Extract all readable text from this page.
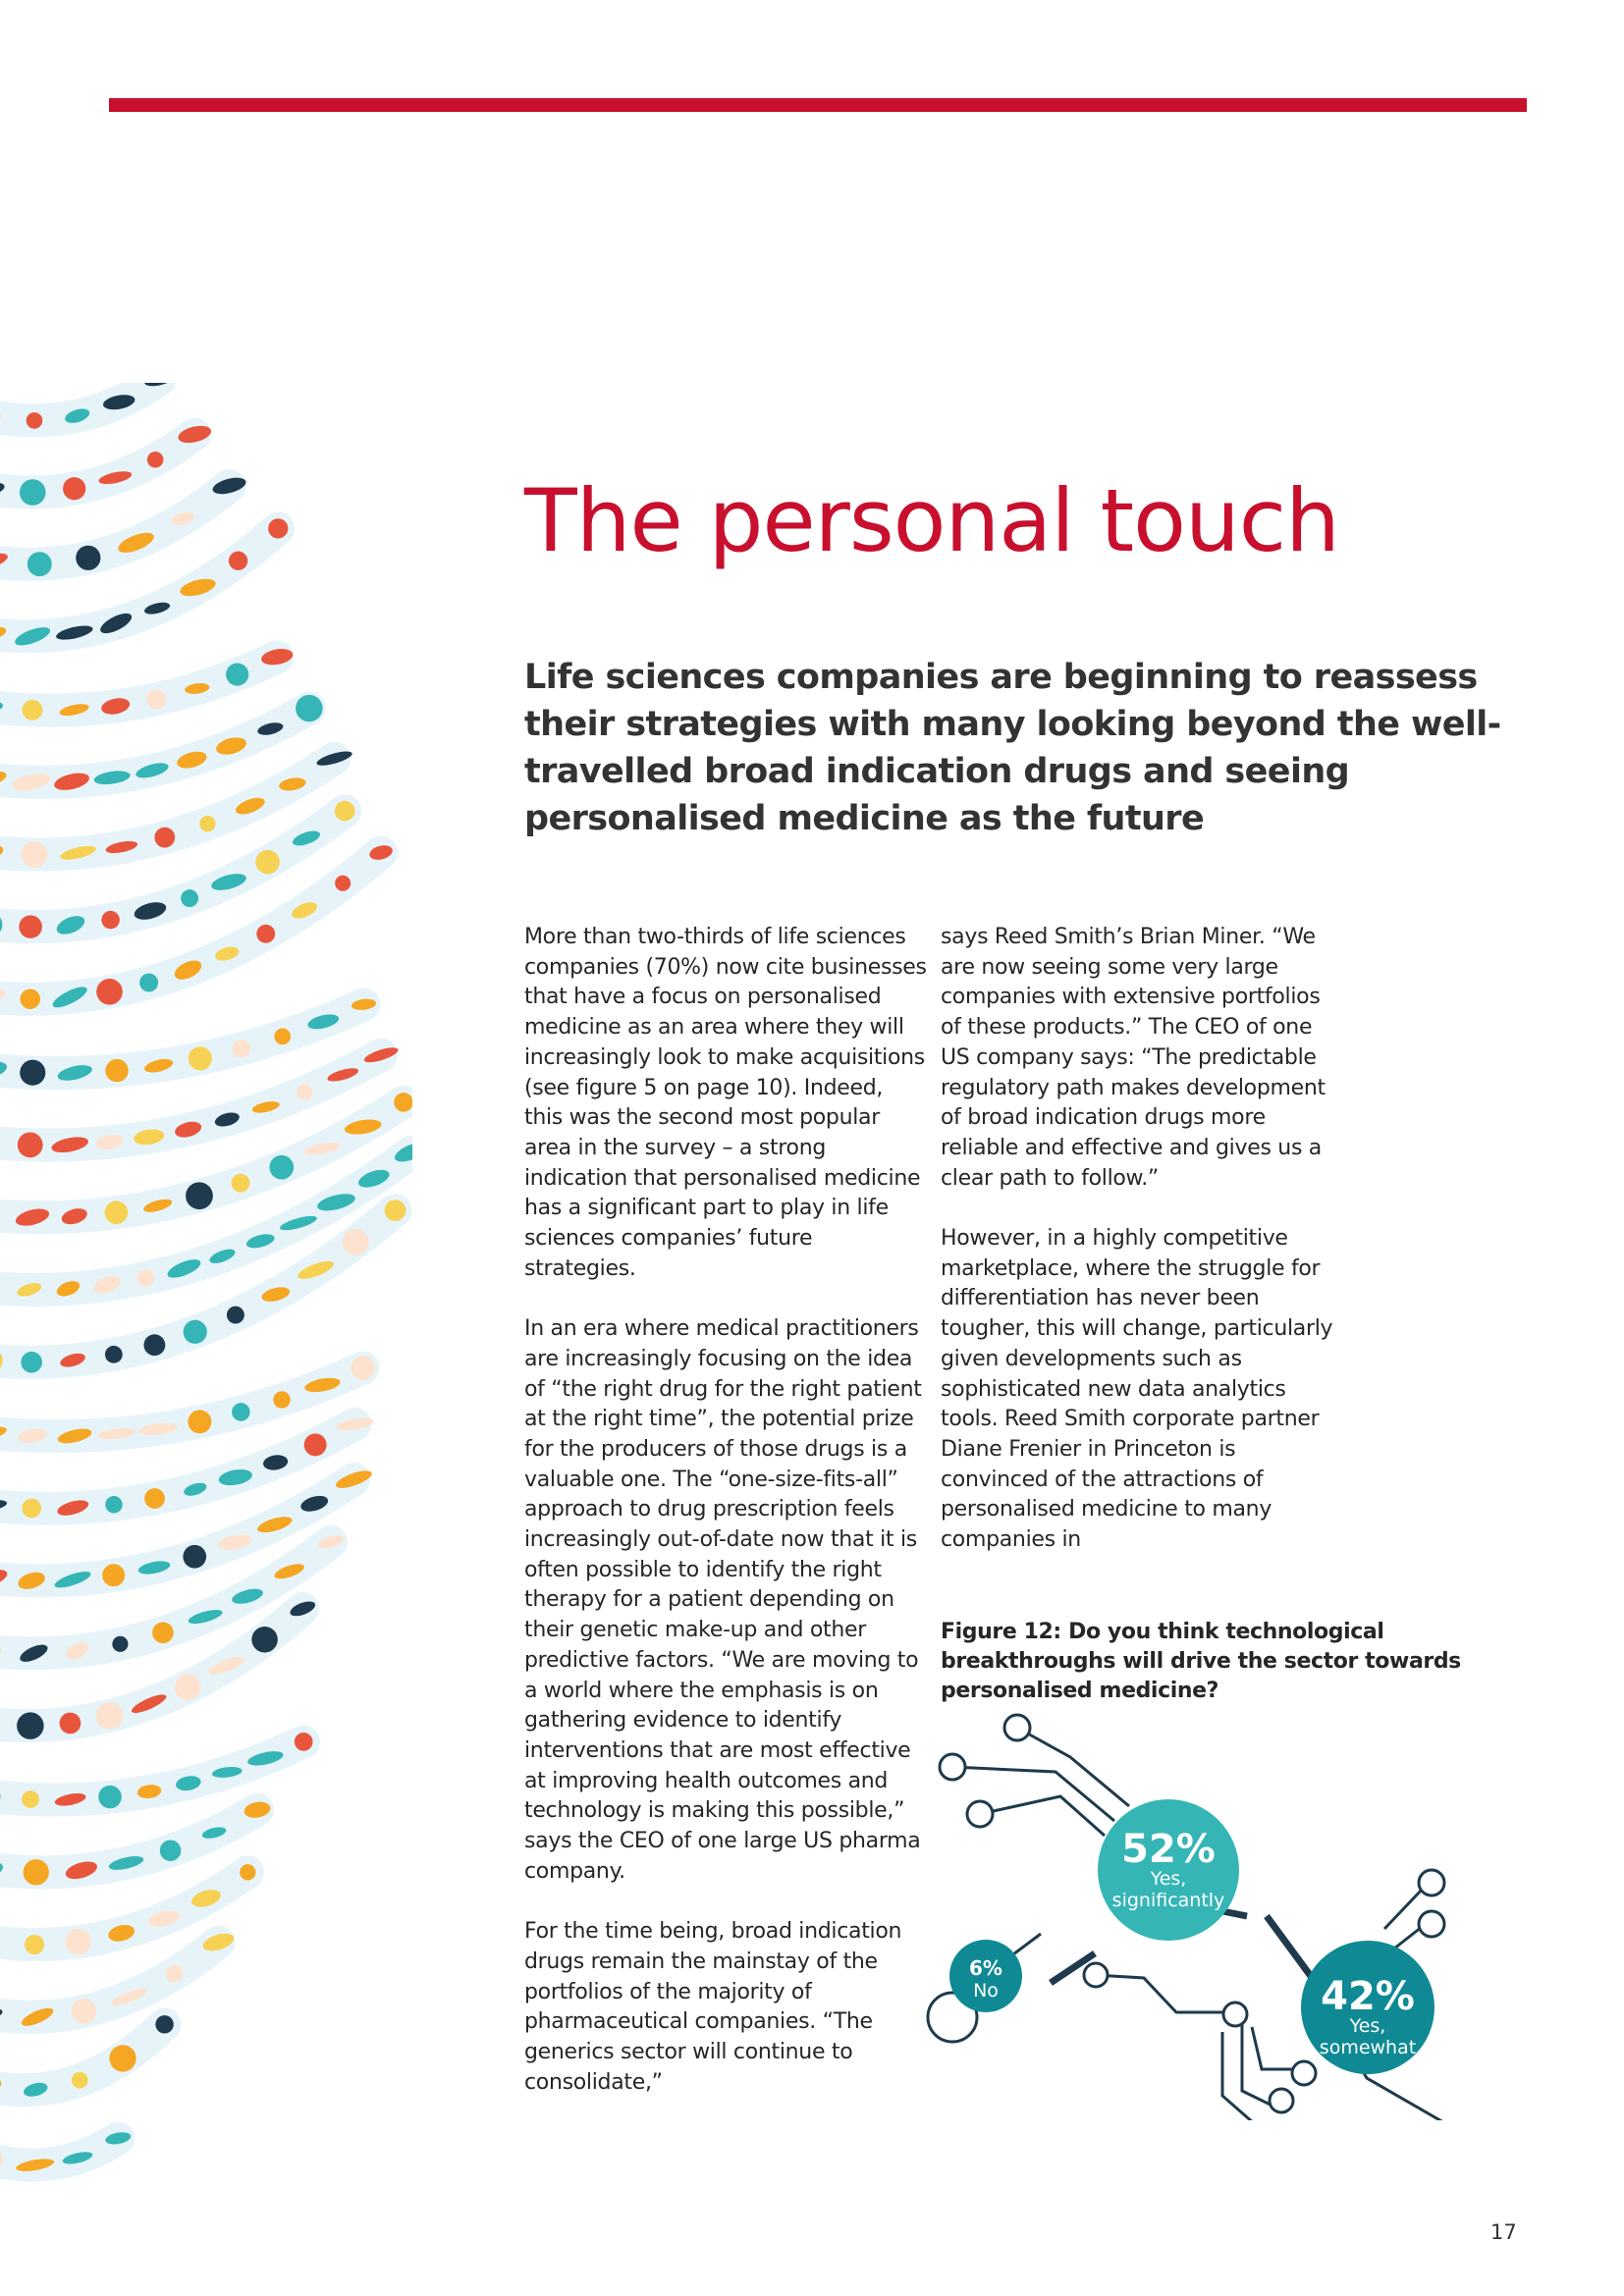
The personal touch

Life sciences companies are beginning to reassess their strategies with many looking beyond the well-travelled broad indication drugs and seeing personalised medicine as the future

More than two-thirds of life sciences companies (70%) now cite businesses that have a focus on personalised medicine as an area where they will increasingly look to make acquisitions (see figure 5 on page 10). Indeed, this was the second most popular area in the survey – a strong indication that personalised medicine has a significant part to play in life sciences companies’ future strategies.

In an era where medical practitioners are increasingly focusing on the idea of “the right drug for the right patient at the right time”, the potential prize for the producers of those drugs is a valuable one. The “one-size-fits-all” approach to drug prescription feels increasingly out-of-date now that it is often possible to identify the right therapy for a patient depending on their genetic make-up and other predictive factors. “We are moving to a world where the emphasis is on gathering evidence to identify interventions that are most effective at improving health outcomes and technology is making this possible,” says the CEO of one large US pharma company.

For the time being, broad indication drugs remain the mainstay of the portfolios of the majority of pharmaceutical companies. “The generics sector will continue to consolidate,”

says Reed Smith’s Brian Miner. “We are now seeing some very large companies with extensive portfolios of these products.” The CEO of one US company says: “The predictable regulatory path makes development of broad indication drugs more reliable and effective and gives us a clear path to follow.”

However, in a highly competitive marketplace, where the struggle for differentiation has never been tougher, this will change, particularly given developments such as sophisticated new data analytics tools. Reed Smith corporate partner Diane Frenier in Princeton is convinced of the attractions of personalised medicine to many companies in

Figure 12: Do you think technological breakthroughs will drive the sector towards personalised medicine?

52%
Yes, significantly
42%
Yes, somewhat
6%
No
17
